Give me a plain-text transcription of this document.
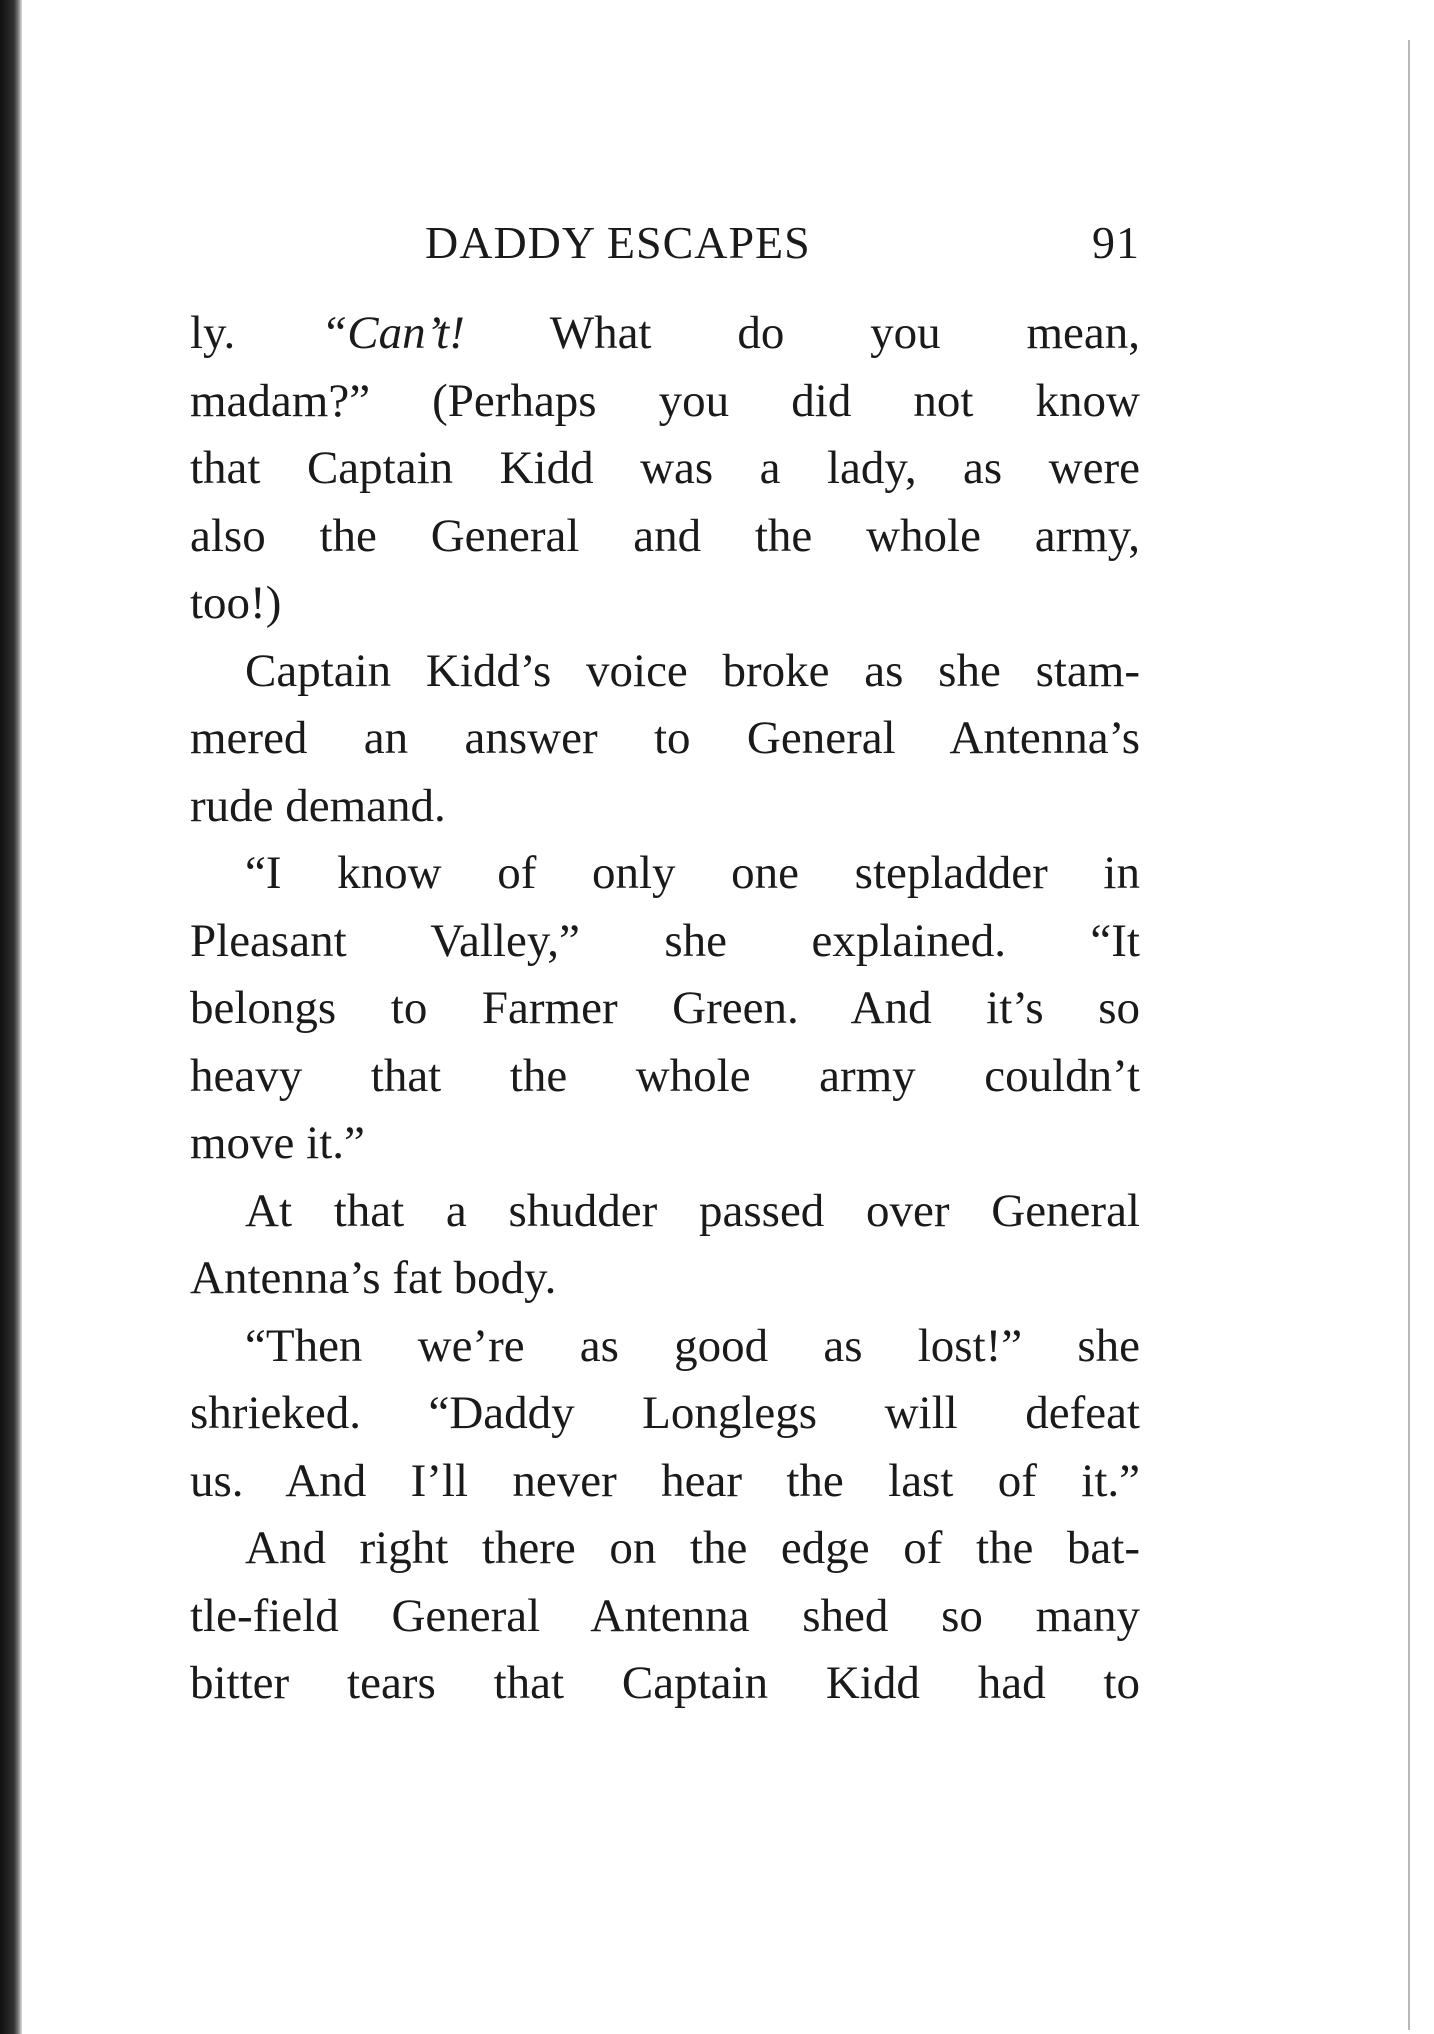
DADDY ESCAPES	91
ly. “Can’t! What do you mean,
madam?” (Perhaps you did not know
that Captain Kidd was a lady, as were
also the General and the whole army,
too!)
Captain Kidd’s voice broke as she stam-
mered an answer to General Antenna’s
rude demand.
“I know of only one stepladder in
Pleasant Valley,” she explained. “It
belongs to Farmer Green. And it’s so
heavy that the whole army couldn’t
move it.”
At that a shudder passed over General
Antenna’s fat body.
“Then we’re as good as lost!” she
shrieked. “Daddy Longlegs will defeat
us. And I’ll never hear the last of it.”
And right there on the edge of the bat-
tle-field General Antenna shed so many
bitter tears that Captain Kidd had to
